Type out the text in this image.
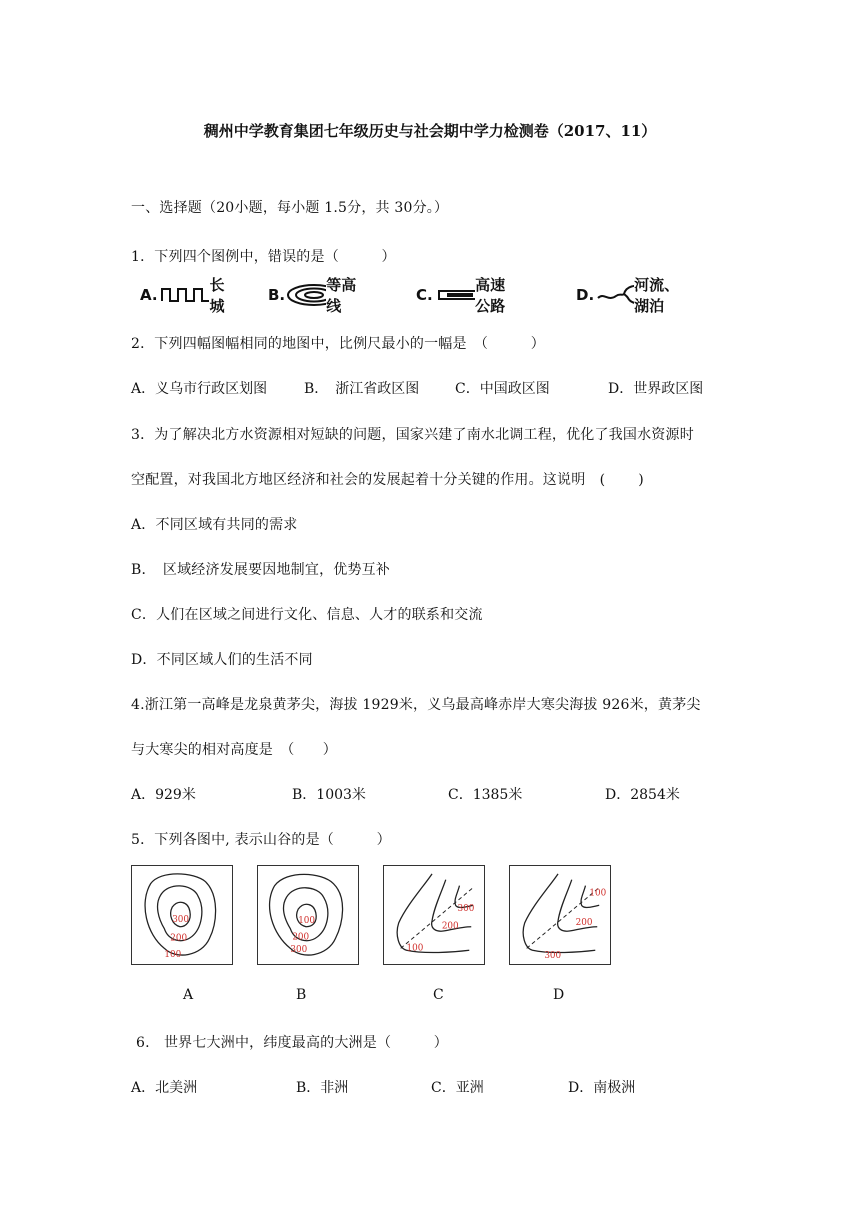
稠州中学教育集团七年级历史与社会期中学力检测卷（2017、11）
一、选择题（20小题，每小题 1.5分，共 30分。）
1．下列四个图例中，错误的是（　　　）
A.
长城
B.
等高线
C.
高速公路
D.
河流、湖泊
2．下列四幅图幅相同的地图中，比例尺最小的一幅是　（　　　）
A．义乌市行政区划图	B．　浙江省政区图	C．中国政区图	D．世界政区图
3．为了解决北方水资源相对短缺的问题，国家兴建了南水北调工程，优化了我国水资源时
空配置，对我国北方地区经济和社会的发展起着十分关键的作用。这说明　(　　 )
A．不同区域有共同的需求
B．　区域经济发展要因地制宜，优势互补
C．人们在区域之间进行文化、信息、人才的联系和交流
D．不同区域人们的生活不同
4.浙江第一高峰是龙泉黄茅尖，海拔 1929米，义乌最高峰赤岸大寒尖海拔 926米，黄茅尖
与大寒尖的相对高度是　（　　）
A．929米	B．1003米	C．1385米	D．2854米
5．下列各图中, 表示山谷的是（　　　）
300
200
100
100
200
300
300
200
100
100
200
300
A	B	C	D
6.　世界七大洲中，纬度最高的大洲是（　　　）
A．北美洲	B．非洲	C．亚洲	D．南极洲
